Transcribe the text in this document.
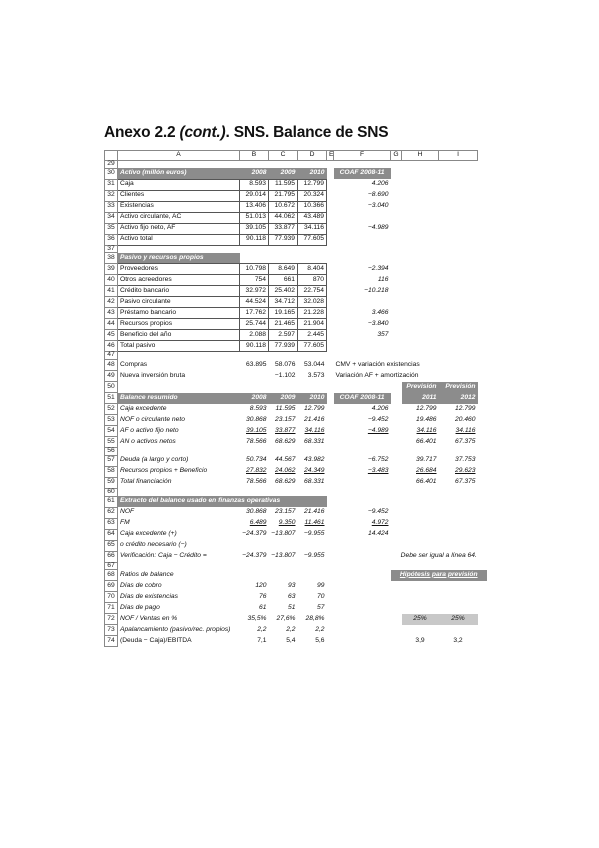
Anexo 2.2 (cont.). SNS. Balance de SNS
	A	B	C	D	E	F	G	H	I
29									
30	Activo (millón euros)	2008	2009	2010		COAF 2008-11			
31	Caja	8.593	11.595	12.799		4.206			
32	Clientes	29.014	21.795	20.324		−8.690			
33	Existencias	13.406	10.672	10.366		−3.040			
34	Activo circulante, AC	51.013	44.062	43.489					
35	Activo fijo neto, AF	39.105	33.877	34.116		−4.989			
36	Activo total	90.118	77.939	77.605					
37									
38	Pasivo y recursos propios								
39	Proveedores	10.798	8.649	8.404		−2.394			
40	Otros acreedores	754	661	870		116			
41	Crédito bancario	32.972	25.402	22.754		−10.218			
42	Pasivo circulante	44.524	34.712	32.028					
43	Préstamo bancario	17.762	19.165	21.228		3.466			
44	Recursos propios	25.744	21.465	21.904		−3.840			
45	Beneficio del año	2.088	2.597	2.445		357			
46	Total pasivo	90.118	77.939	77.605					
47									
48	Compras	63.895	58.076	53.044		CMV + variación existencias			
49	Nueva inversión bruta		−1.102	3.573		Variación AF + amortización			
50								Previsión	Previsión
51	Balance resumido	2008	2009	2010		COAF 2008-11		2011	2012
52	Caja excedente	8.593	11.595	12.799		4.206		12.799	12.799
53	NOF o circulante neto	30.868	23.157	21.416		−9.452		19.486	20.460
54	AF o activo fijo neto	39.105	33.877	34.116		−4.989		34.116	34.116
55	AN o activos netos	78.566	68.629	68.331				66.401	67.375
56									
57	Deuda (a largo y corto)	50.734	44.567	43.982		−6.752		39.717	37.753
58	Recursos propios + Beneficio	27.832	24.062	24.349		−3.483		26.684	29.623
59	Total financiación	78.566	68.629	68.331				66.401	67.375
60									
61	Extracto del balance usado en finanzas operativas								
62	NOF	30.868	23.157	21.416		−9.452			
63	FM	6.489	9.350	11.461		4.972			
64	Caja excedente (+)	−24.379	−13.807	−9.955		14.424			
65	o crédito necesario (−)								
66	Verificación: Caja − Crédito =	−24.379	−13.807	−9.955			Debe ser igual a línea 64.		
67									
68	Ratios de balance						Hipótesis para previsión		
69	Días de cobro	120	93	99					
70	Días de existencias	76	63	70					
71	Días de pago	61	51	57					
72	NOF / Ventas en %	35,5%	27,6%	28,8%				25%	25%
73	Apalancamiento (pasivo/rec. propios)	2,2	2,2	2,2					
74	(Deuda − Caja)/EBITDA	7,1	5,4	5,6				3,9	3,2
